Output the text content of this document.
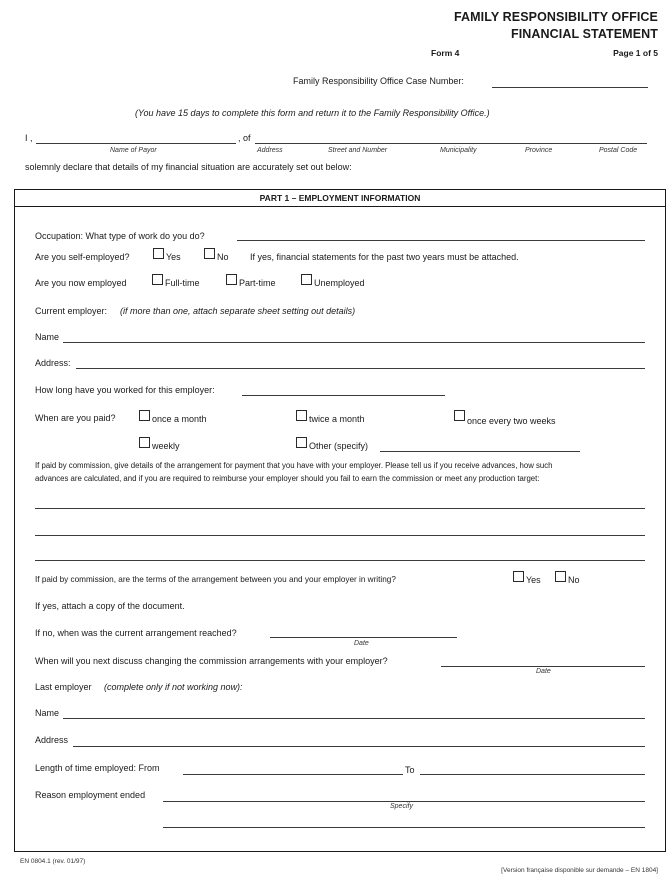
FAMILY RESPONSIBILITY OFFICE
FINANCIAL STATEMENT
Form 4	Page 1 of 5
Family Responsibility Office Case Number:
(You have 15 days to complete this form and return it to the Family Responsibility Office.)
I ,	, of
Name of Payor	Address	Street and Number	Municipality	Province	Postal Code
solemnly declare that details of my financial situation are accurately set out below:
PART 1 – EMPLOYMENT INFORMATION
Occupation: What type of work do you do?
Are you self-employed?	Yes	No If yes, financial statements for the past two years must be attached.
Are you now employed	Full-time	Part-time	Unemployed
Current employer: (if more than one, attach separate sheet setting out details)
Name
Address:
How long have you worked for this employer:
When are you paid?	once a month	twice a month	once every two weeks
weekly	Other (specify)
If paid by commission, give details of the arrangement for payment that you have with your employer. Please tell us if you receive advances, how such
advances are calculated, and if you are required to reimburse your employer should you fail to earn the commission or meet any production target:
If paid by commission, are the terms of the arrangement between you and your employer in writing?	Yes	No
If yes, attach a copy of the document.
If no, when was the current arrangement reached?
Date
When will you next discuss changing the commission arrangements with your employer?
Date
Last employer (complete only if not working now):
Name
Address
Length of time employed: From	To
Reason employment ended
Specify
EN 0804.1 (rev. 01/97)
[Version française disponible sur demande – EN 1804]
